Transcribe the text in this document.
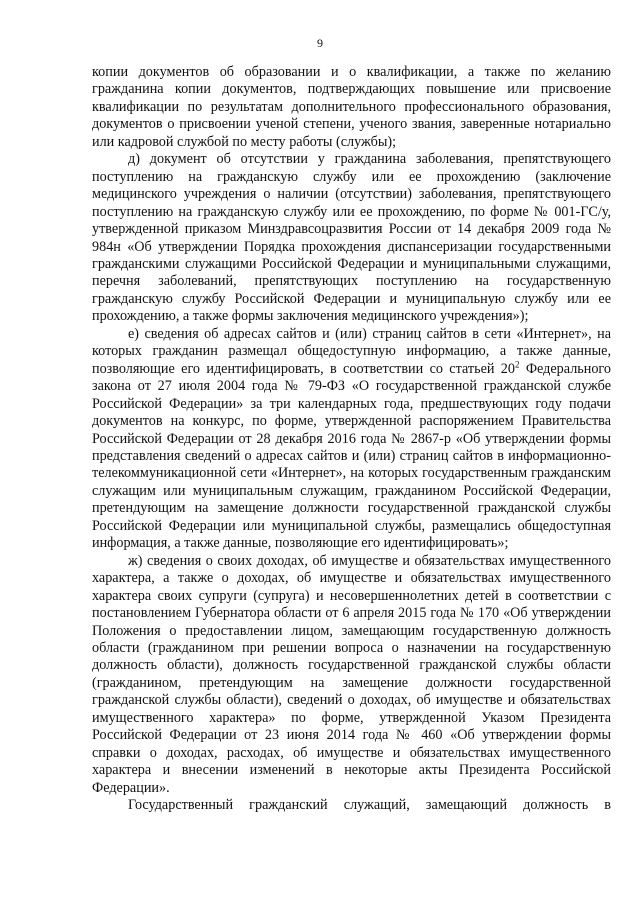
9

копии документов об образовании и о квалификации, а также по желанию гражданина копии документов, подтверждающих повышение или присвоение квалификации по результатам дополнительного профессионального образования, документов о присвоении ученой степени, ученого звания, заверенные нотариально или кадровой службой по месту работы (службы);

д) документ об отсутствии у гражданина заболевания, препятствующего поступлению на гражданскую службу или ее прохождению (заключение медицинского учреждения о наличии (отсутствии) заболевания, препятствующего поступлению на гражданскую службу или ее прохождению, по форме № 001-ГС/у, утвержденной приказом Минздравсоцразвития России от 14 декабря 2009 года № 984н «Об утверждении Порядка прохождения диспансеризации государственными гражданскими служащими Российской Федерации и муниципальными служащими, перечня заболеваний, препятствующих поступлению на государственную гражданскую службу Российской Федерации и муниципальную службу или ее прохождению, а также формы заключения медицинского учреждения»);

е) сведения об адресах сайтов и (или) страниц сайтов в сети «Интернет», на которых гражданин размещал общедоступную информацию, а также данные, позволяющие его идентифицировать, в соответствии со статьей $20^2$ Федерального закона от 27 июля 2004 года № 79-ФЗ «О государственной гражданской службе Российской Федерации» за три календарных года, предшествующих году подачи документов на конкурс, по форме, утвержденной распоряжением Правительства Российской Федерации от 28 декабря 2016 года № 2867-р «Об утверждении формы представления сведений о адресах сайтов и (или) страниц сайтов в информационно-телекоммуникационной сети «Интернет», на которых государственным гражданским служащим или муниципальным служащим, гражданином Российской Федерации, претендующим на замещение должности государственной гражданской службы Российской Федерации или муниципальной службы, размещались общедоступная информация, а также данные, позволяющие его идентифицировать»;

ж) сведения о своих доходах, об имуществе и обязательствах имущественного характера, а также о доходах, об имуществе и обязательствах имущественного характера своих супруги (супруга) и несовершеннолетних детей в соответствии с постановлением Губернатора области от 6 апреля 2015 года № 170 «Об утверждении Положения о предоставлении лицом, замещающим государственную должность области (гражданином при решении вопроса о назначении на государственную должность области), должность государственной гражданской службы области (гражданином, претендующим на замещение должности государственной гражданской службы области), сведений о доходах, об имуществе и обязательствах имущественного характера» по форме, утвержденной Указом Президента Российской Федерации от 23 июня 2014 года № 460 «Об утверждении формы справки о доходах, расходах, об имуществе и обязательствах имущественного характера и внесении изменений в некоторые акты Президента Российской Федерации».

Государственный гражданский служащий, замещающий должность в
